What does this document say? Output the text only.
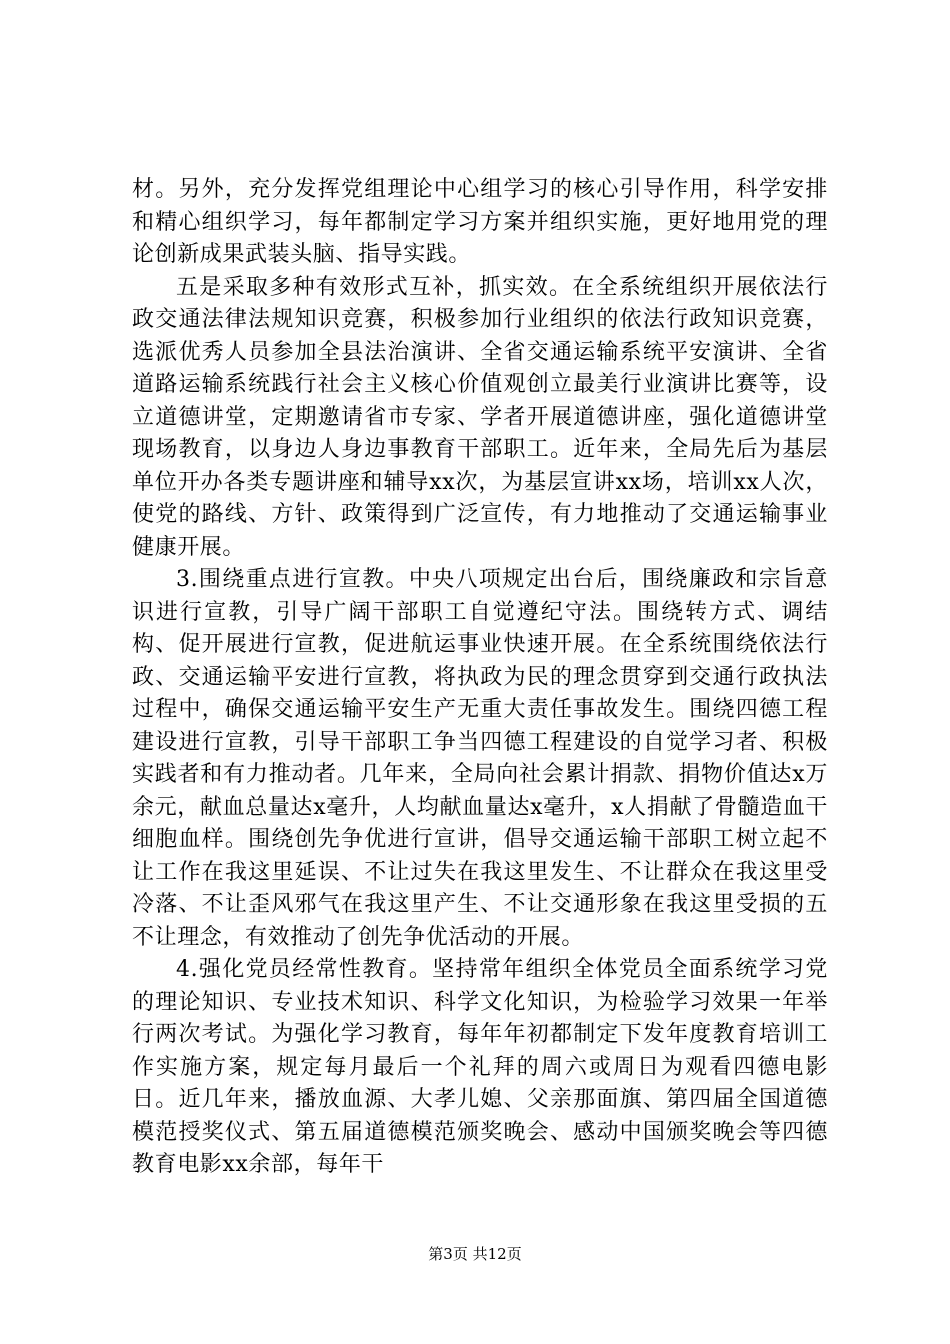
材。另外，充分发挥党组理论中心组学习的核心引导作用，科学安排和精心组织学习，每年都制定学习方案并组织实施，更好地用党的理论创新成果武装头脑、指导实践。

五是采取多种有效形式互补，抓实效。在全系统组织开展依法行政交通法律法规知识竞赛，积极参加行业组织的依法行政知识竞赛，选派优秀人员参加全县法治演讲、全省交通运输系统平安演讲、全省道路运输系统践行社会主义核心价值观创立最美行业演讲比赛等，设立道德讲堂，定期邀请省市专家、学者开展道德讲座，强化道德讲堂现场教育，以身边人身边事教育干部职工。近年来，全局先后为基层单位开办各类专题讲座和辅导xx次，为基层宣讲xx场，培训xx人次，使党的路线、方针、政策得到广泛宣传，有力地推动了交通运输事业健康开展。

3.围绕重点进行宣教。中央八项规定出台后，围绕廉政和宗旨意识进行宣教，引导广阔干部职工自觉遵纪守法。围绕转方式、调结构、促开展进行宣教，促进航运事业快速开展。在全系统围绕依法行政、交通运输平安进行宣教，将执政为民的理念贯穿到交通行政执法过程中，确保交通运输平安生产无重大责任事故发生。围绕四德工程建设进行宣教，引导干部职工争当四德工程建设的自觉学习者、积极实践者和有力推动者。几年来，全局向社会累计捐款、捐物价值达x万余元，献血总量达x毫升，人均献血量达x毫升，x人捐献了骨髓造血干细胞血样。围绕创先争优进行宣讲，倡导交通运输干部职工树立起不让工作在我这里延误、不让过失在我这里发生、不让群众在我这里受冷落、不让歪风邪气在我这里产生、不让交通形象在我这里受损的五不让理念，有效推动了创先争优活动的开展。

4.强化党员经常性教育。坚持常年组织全体党员全面系统学习党的理论知识、专业技术知识、科学文化知识，为检验学习效果一年举行两次考试。为强化学习教育，每年年初都制定下发年度教育培训工作实施方案，规定每月最后一个礼拜的周六或周日为观看四德电影日。近几年来，播放血源、大孝儿媳、父亲那面旗、第四届全国道德模范授奖仪式、第五届道德模范颁奖晚会、感动中国颁奖晚会等四德教育电影xx余部，每年干

第3页 共12页
